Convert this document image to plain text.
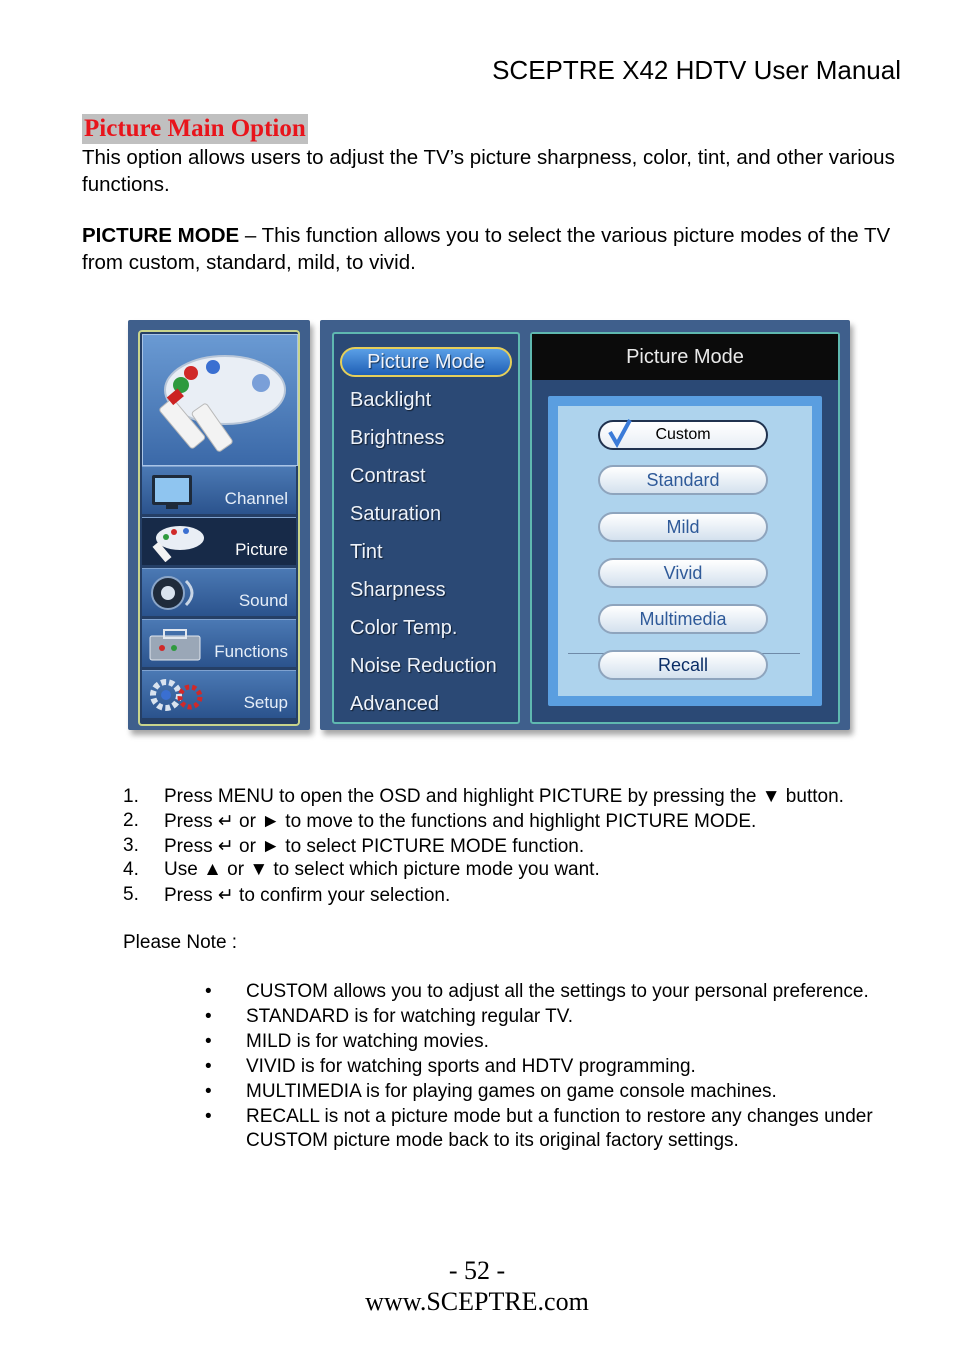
SCEPTRE X42 HDTV User Manual
Picture Main Option
This option allows users to adjust the TV’s picture sharpness, color, tint, and other various functions.
PICTURE MODE – This function allows you to select the various picture modes of the TV from custom, standard, mild, to vivid.
Channel
Picture
Sound
Functions
Setup
Picture Mode
Backlight
Brightness
Contrast
Saturation
Tint
Sharpness
Color Temp.
Noise Reduction
Advanced
Picture Mode
Custom
Standard
Mild
Vivid
Multimedia
Recall
1. Press MENU to open the OSD and highlight PICTURE by pressing the ▼ button.
2. Press ↵ or ► to move to the functions and highlight PICTURE MODE.
3. Press ↵ or ► to select PICTURE MODE function.
4. Use ▲ or ▼ to select which picture mode you want.
5. Press ↵ to confirm your selection.
Please Note :
• CUSTOM allows you to adjust all the settings to your personal preference.
• STANDARD is for watching regular TV.
• MILD is for watching movies.
• VIVID is for watching sports and HDTV programming.
• MULTIMEDIA is for playing games on game console machines.
• RECALL is not a picture mode but a function to restore any changes under CUSTOM picture mode back to its original factory settings.
- 52 -
www.SCEPTRE.com
